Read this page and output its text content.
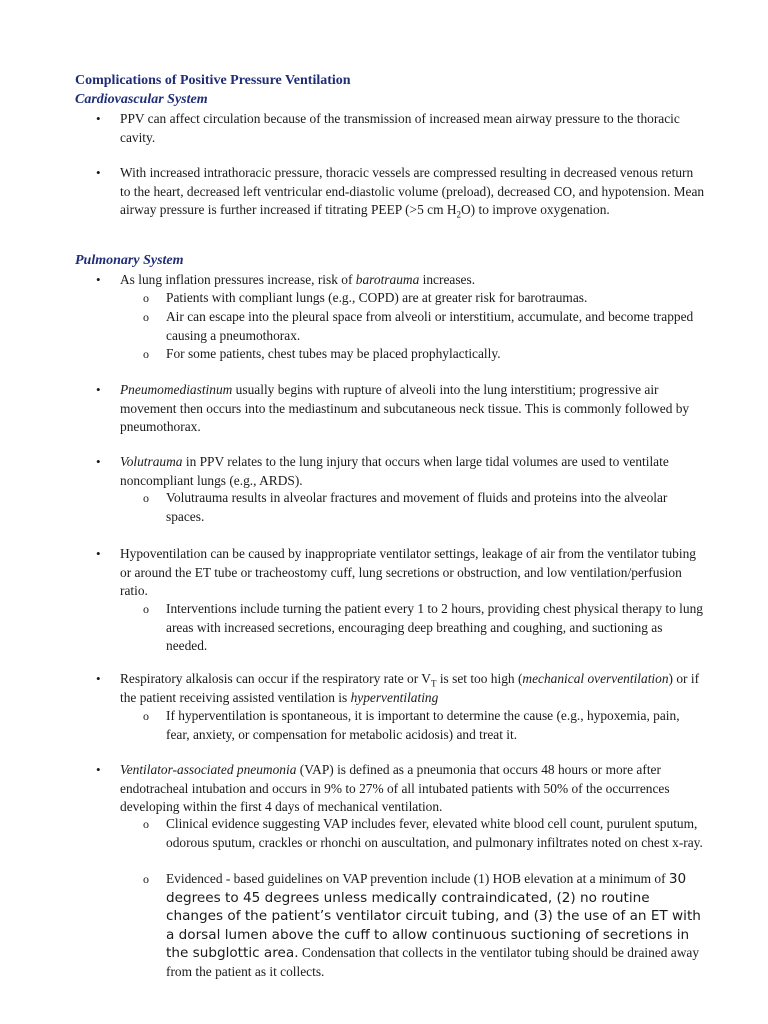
Complications of Positive Pressure Ventilation
Cardiovascular System
• PPV can affect circulation because of the transmission of increased mean airway pressure to the thoracic cavity.

• With increased intrathoracic pressure, thoracic vessels are compressed resulting in decreased venous return to the heart, decreased left ventricular end-diastolic volume (preload), decreased CO, and hypotension. Mean airway pressure is further increased if titrating PEEP (>5 cm $H_2O$) to improve oxygenation.

Pulmonary System
• As lung inflation pressures increase, risk of barotrauma increases.

o Patients with compliant lungs (e.g., COPD) are at greater risk for barotraumas.

o Air can escape into the pleural space from alveoli or interstitium, accumulate, and become trapped causing a pneumothorax.

o For some patients, chest tubes may be placed prophylactically.

• Pneumomediastinum usually begins with rupture of alveoli into the lung interstitium; progressive air movement then occurs into the mediastinum and subcutaneous neck tissue. This is commonly followed by pneumothorax.

• Volutrauma in PPV relates to the lung injury that occurs when large tidal volumes are used to ventilate noncompliant lungs (e.g., ARDS).

o Volutrauma results in alveolar fractures and movement of fluids and proteins into the alveolar spaces.

• Hypoventilation can be caused by inappropriate ventilator settings, leakage of air from the ventilator tubing or around the ET tube or tracheostomy cuff, lung secretions or obstruction, and low ventilation/perfusion ratio.

o Interventions include turning the patient every 1 to 2 hours, providing chest physical therapy to lung areas with increased secretions, encouraging deep breathing and coughing, and suctioning as needed.

• Respiratory alkalosis can occur if the respiratory rate or $V_T$ is set too high (mechanical overventilation) or if the patient receiving assisted ventilation is hyperventilating

o If hyperventilation is spontaneous, it is important to determine the cause (e.g., hypoxemia, pain, fear, anxiety, or compensation for metabolic acidosis) and treat it.

• Ventilator-associated pneumonia (VAP) is defined as a pneumonia that occurs 48 hours or more after endotracheal intubation and occurs in 9% to 27% of all intubated patients with 50% of the occurrences developing within the first 4 days of mechanical ventilation.

o Clinical evidence suggesting VAP includes fever, elevated white blood cell count, purulent sputum, odorous sputum, crackles or rhonchi on auscultation, and pulmonary infiltrates noted on chest x-ray.

o Evidenced - based guidelines on VAP prevention include (1) HOB elevation at a minimum of 30 degrees to 45 degrees unless medically contraindicated, (2) no routine changes of the patient’s ventilator circuit tubing, and (3) the use of an ET with a dorsal lumen above the cuff to allow continuous suctioning of secretions in the subglottic area. Condensation that collects in the ventilator tubing should be drained away from the patient as it collects.
